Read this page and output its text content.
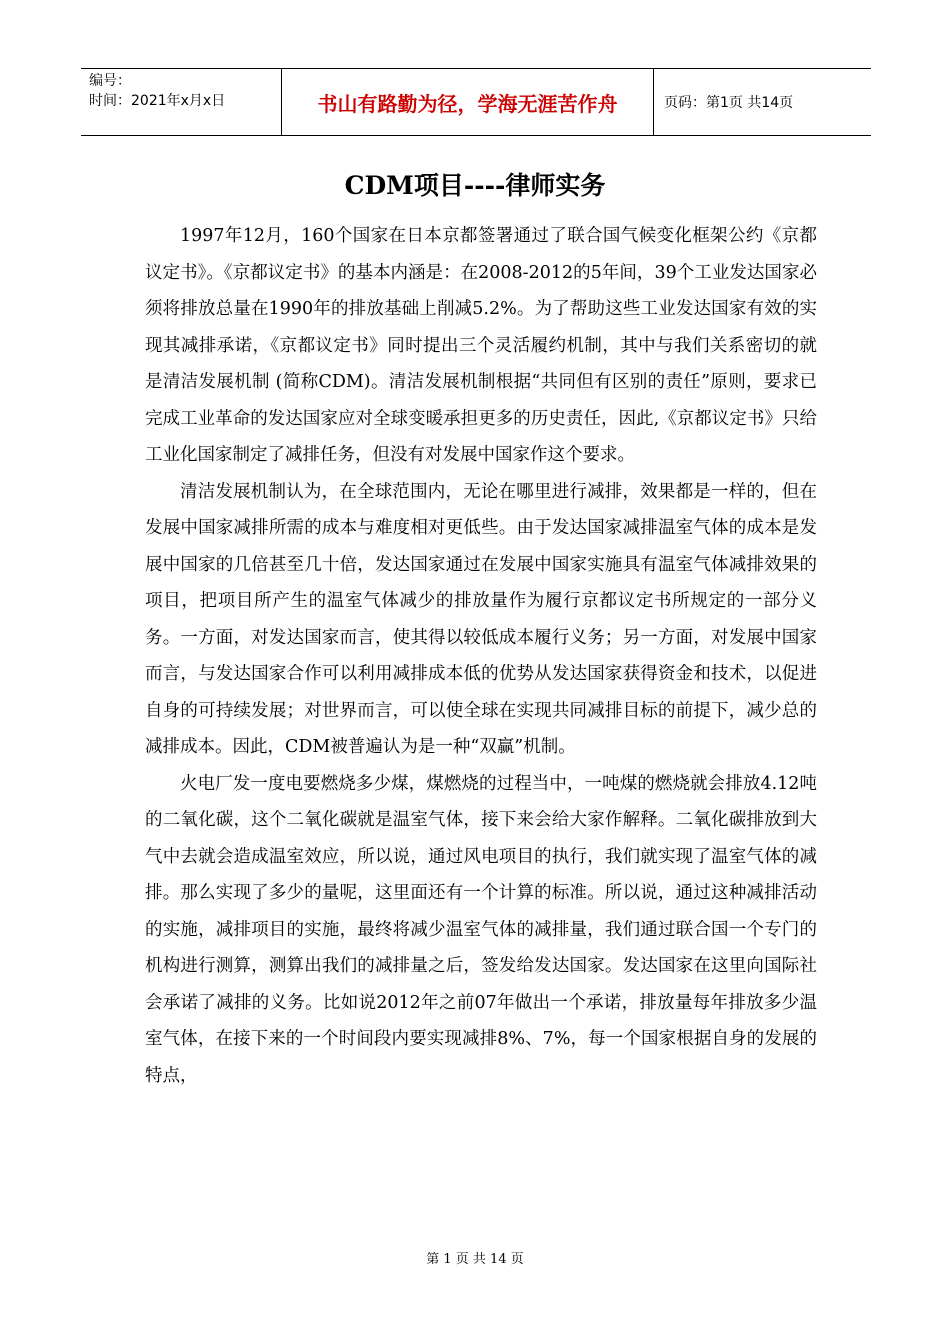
编号：
时间：2021年x月x日	书山有路勤为径，学海无涯苦作舟	页码：第1页 共14页
CDM项目----律师实务

1997年12月，160个国家在日本京都签署通过了联合国气候变化框架公约《京都议定书》。《京都议定书》的基本内涵是：在2008-2012的5年间，39个工业发达国家必须将排放总量在1990年的排放基础上削减5.2%。为了帮助这些工业发达国家有效的实现其减排承诺，《京都议定书》同时提出三个灵活履约机制，其中与我们关系密切的就是清洁发展机制 (简称CDM)。清洁发展机制根据“共同但有区别的责任”原则，要求已完成工业革命的发达国家应对全球变暖承担更多的历史责任，因此,《京都议定书》只给工业化国家制定了减排任务，但没有对发展中国家作这个要求。

清洁发展机制认为，在全球范围内，无论在哪里进行减排，效果都是一样的，但在发展中国家减排所需的成本与难度相对更低些。由于发达国家减排温室气体的成本是发展中国家的几倍甚至几十倍，发达国家通过在发展中国家实施具有温室气体减排效果的项目，把项目所产生的温室气体减少的排放量作为履行京都议定书所规定的一部分义务。一方面，对发达国家而言，使其得以较低成本履行义务；另一方面，对发展中国家而言，与发达国家合作可以利用减排成本低的优势从发达国家获得资金和技术，以促进自身的可持续发展；对世界而言，可以使全球在实现共同减排目标的前提下，减少总的减排成本。因此，CDM被普遍认为是一种“双赢”机制。

火电厂发一度电要燃烧多少煤，煤燃烧的过程当中，一吨煤的燃烧就会排放4.12吨的二氧化碳，这个二氧化碳就是温室气体，接下来会给大家作解释。二氧化碳排放到大气中去就会造成温室效应，所以说，通过风电项目的执行，我们就实现了温室气体的减排。那么实现了多少的量呢，这里面还有一个计算的标准。所以说，通过这种减排活动的实施，减排项目的实施，最终将减少温室气体的减排量，我们通过联合国一个专门的机构进行测算，测算出我们的减排量之后，签发给发达国家。发达国家在这里向国际社会承诺了减排的义务。比如说2012年之前07年做出一个承诺，排放量每年排放多少温室气体，在接下来的一个时间段内要实现减排8%、7%，每一个国家根据自身的发展的特点，

第 1 页 共 14 页
